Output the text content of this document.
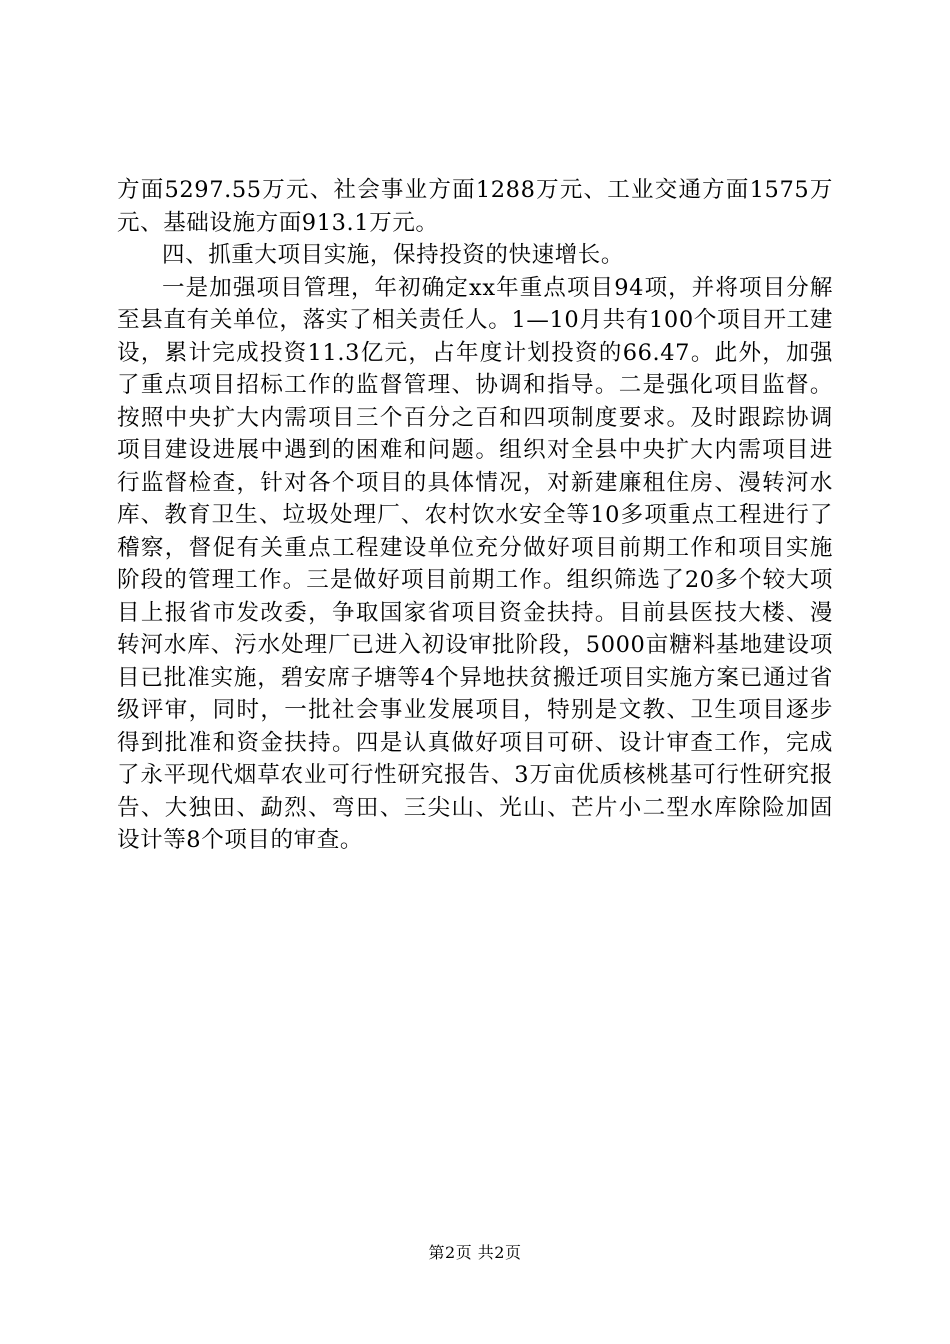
方面5297.55万元、社会事业方面1288万元、工业交通方面1575万元、基础设施方面913.1万元。

四、抓重大项目实施，保持投资的快速增长。

一是加强项目管理，年初确定xx年重点项目94项，并将项目分解至县直有关单位，落实了相关责任人。1—10月共有100个项目开工建设，累计完成投资11.3亿元，占年度计划投资的66.47。此外，加强了重点项目招标工作的监督管理、协调和指导。二是强化项目监督。按照中央扩大内需项目三个百分之百和四项制度要求。及时跟踪协调项目建设进展中遇到的困难和问题。组织对全县中央扩大内需项目进行监督检查，针对各个项目的具体情况，对新建廉租住房、漫转河水库、教育卫生、垃圾处理厂、农村饮水安全等10多项重点工程进行了稽察，督促有关重点工程建设单位充分做好项目前期工作和项目实施阶段的管理工作。三是做好项目前期工作。组织筛选了20多个较大项目上报省市发改委，争取国家省项目资金扶持。目前县医技大楼、漫转河水库、污水处理厂已进入初设审批阶段，5000亩糖料基地建设项目已批准实施，碧安席子塘等4个异地扶贫搬迁项目实施方案已通过省级评审，同时，一批社会事业发展项目，特别是文教、卫生项目逐步得到批准和资金扶持。四是认真做好项目可研、设计审查工作，完成了永平现代烟草农业可行性研究报告、3万亩优质核桃基可行性研究报告、大独田、勐烈、弯田、三尖山、光山、芒片小二型水库除险加固设计等8个项目的审查。

第2页 共2页
